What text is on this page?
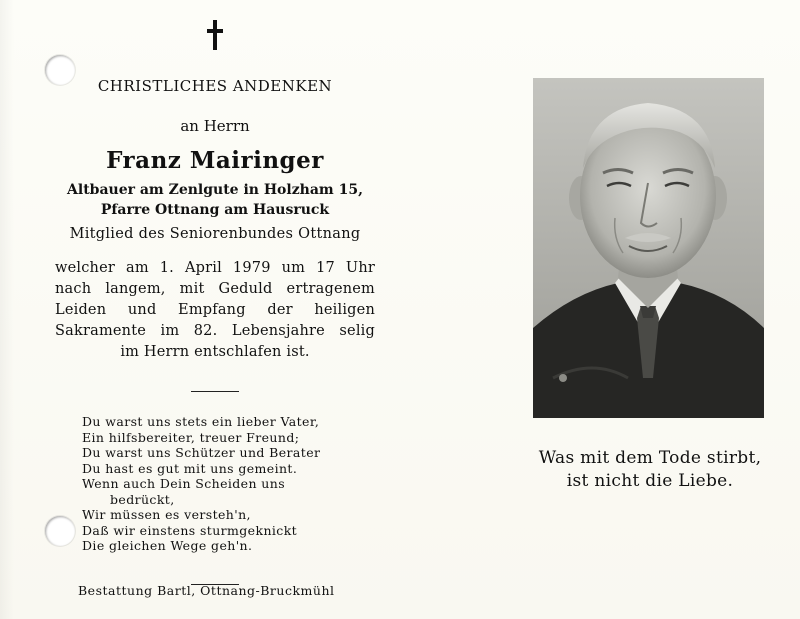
CHRISTLICHES ANDENKEN
an Herrn
Franz Mairinger
Altbauer am Zenlgute in Holzham 15,
Pfarre Ottnang am Hausruck
Mitglied des Seniorenbundes Ottnang
welcher am 1. April 1979 um 17 Uhr
nach langem, mit Geduld ertragenem
Leiden und Empfang der heiligen
Sakramente im 82. Lebensjahre selig
im Herrn entschlafen ist.
Du warst uns stets ein lieber Vater,
Ein hilfsbereiter, treuer Freund;
Du warst uns Schützer und Berater
Du hast es gut mit uns gemeint.
Wenn auch Dein Scheiden uns
bedrückt,
Wir müssen es versteh'n,
Daß wir einstens sturmgeknickt
Die gleichen Wege geh'n.
Bestattung Bartl, Ottnang-Bruckmühl
Was mit dem Tode stirbt,
ist nicht die Liebe.
